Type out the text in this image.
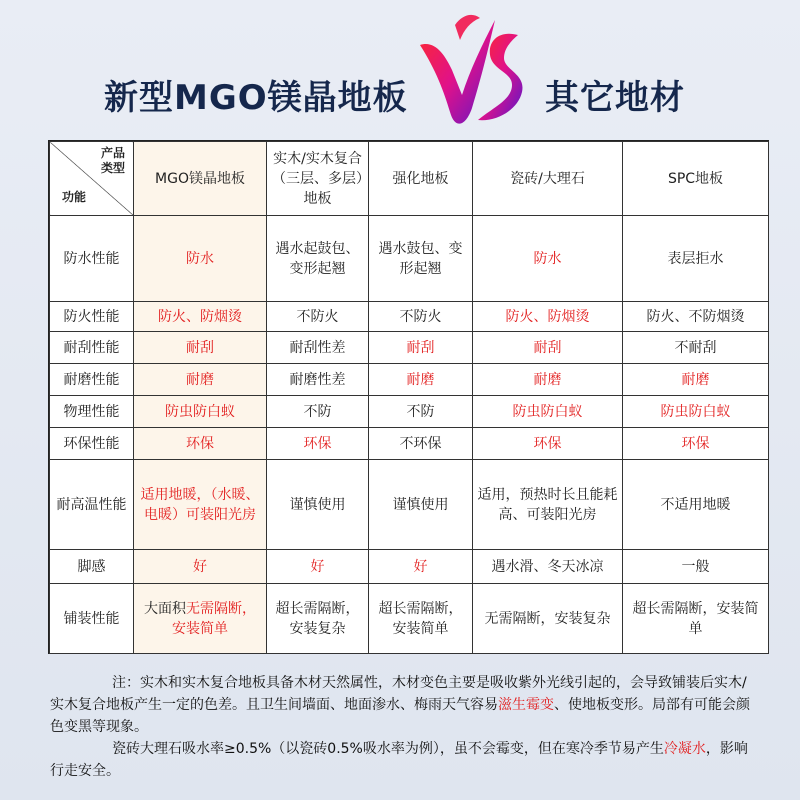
新型MGO镁晶地板	其它地材
产品
类型
功能	MGO镁晶地板	实木/实木复合（三层、多层）地板	强化地板	瓷砖/大理石	SPC地板
防水性能	防水	遇水起鼓包、变形起翘	遇水鼓包、变形起翘	防水	表层拒水
防火性能	防火、防烟烫	不防火	不防火	防火、防烟烫	防火、不防烟烫
耐刮性能	耐刮	耐刮性差	耐刮	耐刮	不耐刮
耐磨性能	耐磨	耐磨性差	耐磨	耐磨	耐磨
物理性能	防虫防白蚁	不防	不防	防虫防白蚁	防虫防白蚁
环保性能	环保	环保	不环保	环保	环保
耐高温性能	适用地暖，（水暖、电暖）可装阳光房	谨慎使用	谨慎使用	适用，预热时长且能耗高、可装阳光房	不适用地暖
脚感	好	好	好	遇水滑、冬天冰凉	一般
铺装性能	大面积无需隔断，安装简单	超长需隔断，安装复杂	超长需隔断，安装简单	无需隔断，安装复杂	超长需隔断，安装简单

注：实木和实木复合地板具备木材天然属性，木材变色主要是吸收紫外光线引起的，会导致铺装后实木/实木复合地板产生一定的色差。且卫生间墙面、地面渗水、梅雨天气容易滋生霉变、使地板变形。局部有可能会颜色变黑等现象。

瓷砖大理石吸水率≥0.5%（以瓷砖0.5%吸水率为例），虽不会霉变，但在寒冷季节易产生冷凝水，影响行走安全。
